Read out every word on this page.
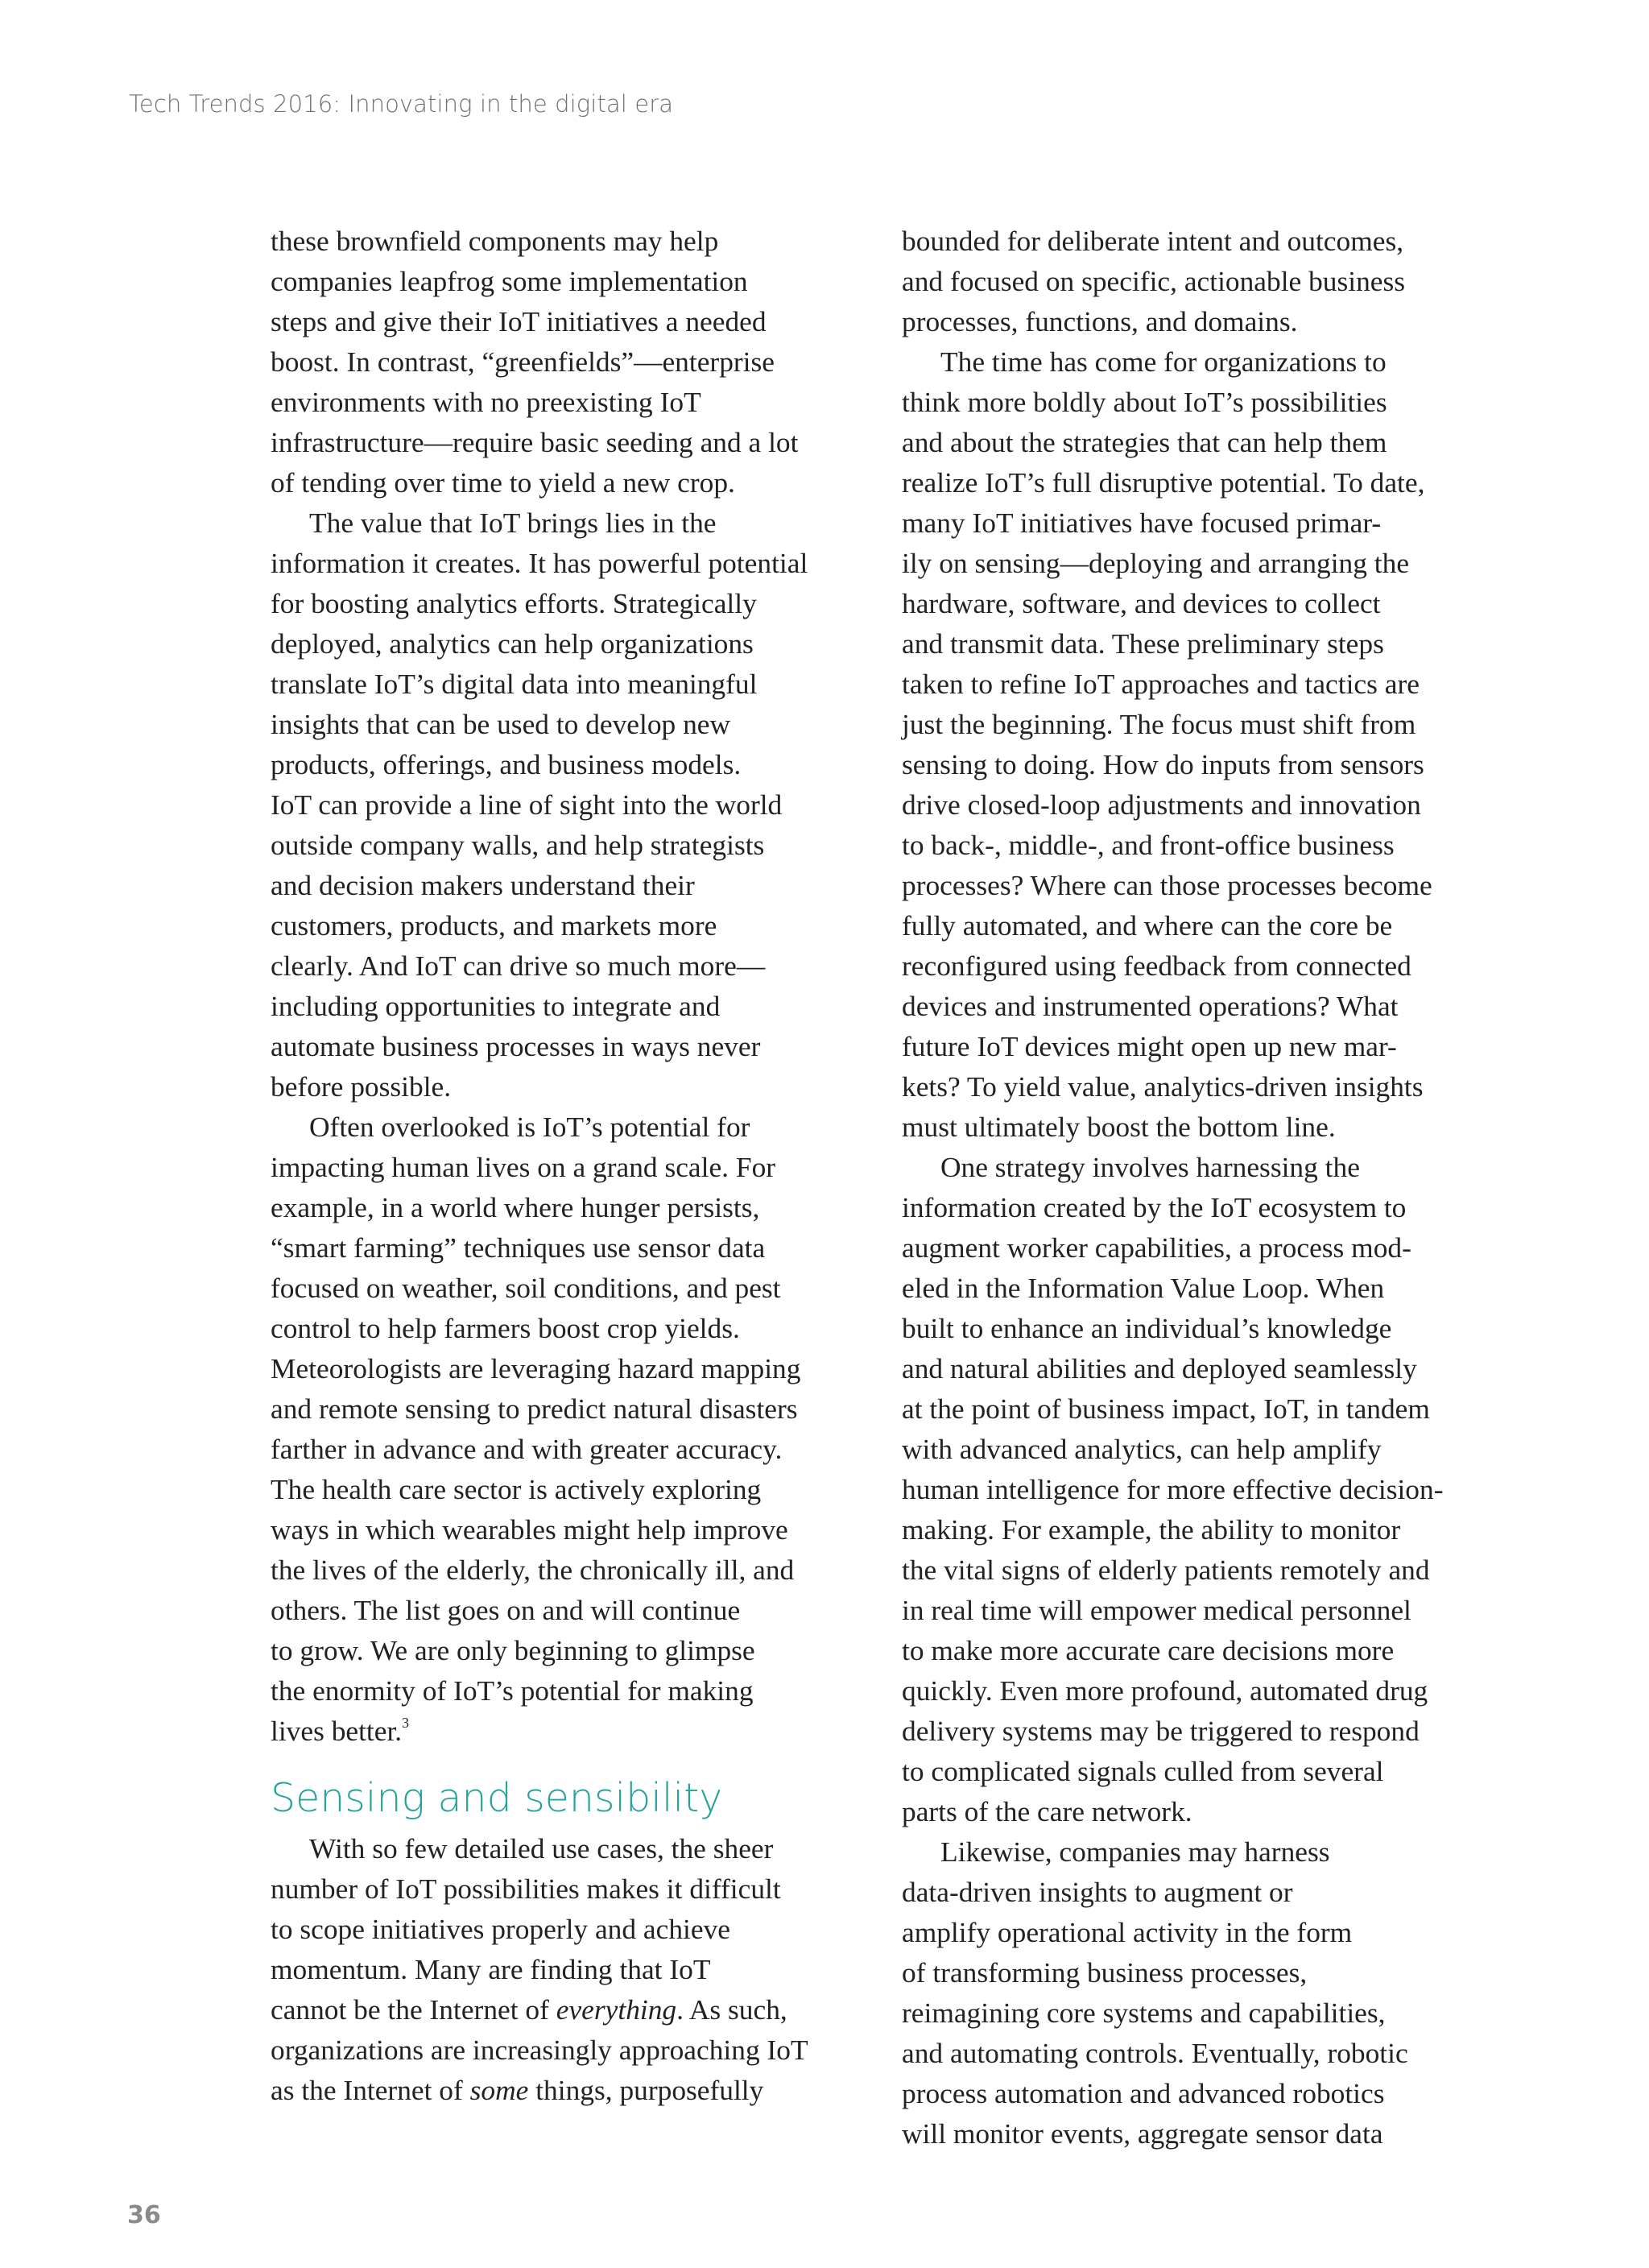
Tech Trends 2016: Innovating in the digital era
these brownfield components may help
companies leapfrog some implementation
steps and give their IoT initiatives a needed
boost. In contrast, “greenfields”—enterprise
environments with no preexisting IoT
infrastructure—require basic seeding and a lot
of tending over time to yield a new crop.
The value that IoT brings lies in the
information it creates. It has powerful potential
for boosting analytics efforts. Strategically
deployed, analytics can help organizations
translate IoT’s digital data into meaningful
insights that can be used to develop new
products, offerings, and business models.
IoT can provide a line of sight into the world
outside company walls, and help strategists
and decision makers understand their
customers, products, and markets more
clearly. And IoT can drive so much more—
including opportunities to integrate and
automate business processes in ways never
before possible.
Often overlooked is IoT’s potential for
impacting human lives on a grand scale. For
example, in a world where hunger persists,
“smart farming” techniques use sensor data
focused on weather, soil conditions, and pest
control to help farmers boost crop yields.
Meteorologists are leveraging hazard mapping
and remote sensing to predict natural disasters
farther in advance and with greater accuracy.
The health care sector is actively exploring
ways in which wearables might help improve
the lives of the elderly, the chronically ill, and
others. The list goes on and will continue
to grow. We are only beginning to glimpse
the enormity of IoT’s potential for making
lives better.$^3$
Sensing and sensibility
With so few detailed use cases, the sheer
number of IoT possibilities makes it difficult
to scope initiatives properly and achieve
momentum. Many are finding that IoT
cannot be the Internet of everything. As such,
organizations are increasingly approaching IoT
as the Internet of some things, purposefully
bounded for deliberate intent and outcomes,
and focused on specific, actionable business
processes, functions, and domains.
The time has come for organizations to
think more boldly about IoT’s possibilities
and about the strategies that can help them
realize IoT’s full disruptive potential. To date,
many IoT initiatives have focused primar-
ily on sensing—deploying and arranging the
hardware, software, and devices to collect
and transmit data. These preliminary steps
taken to refine IoT approaches and tactics are
just the beginning. The focus must shift from
sensing to doing. How do inputs from sensors
drive closed-loop adjustments and innovation
to back-, middle-, and front-office business
processes? Where can those processes become
fully automated, and where can the core be
reconfigured using feedback from connected
devices and instrumented operations? What
future IoT devices might open up new mar-
kets? To yield value, analytics-driven insights
must ultimately boost the bottom line.
One strategy involves harnessing the
information created by the IoT ecosystem to
augment worker capabilities, a process mod-
eled in the Information Value Loop. When
built to enhance an individual’s knowledge
and natural abilities and deployed seamlessly
at the point of business impact, IoT, in tandem
with advanced analytics, can help amplify
human intelligence for more effective decision-
making. For example, the ability to monitor
the vital signs of elderly patients remotely and
in real time will empower medical personnel
to make more accurate care decisions more
quickly. Even more profound, automated drug
delivery systems may be triggered to respond
to complicated signals culled from several
parts of the care network.
Likewise, companies may harness
data-driven insights to augment or
amplify operational activity in the form
of transforming business processes,
reimagining core systems and capabilities,
and automating controls. Eventually, robotic
process automation and advanced robotics
will monitor events, aggregate sensor data
36
